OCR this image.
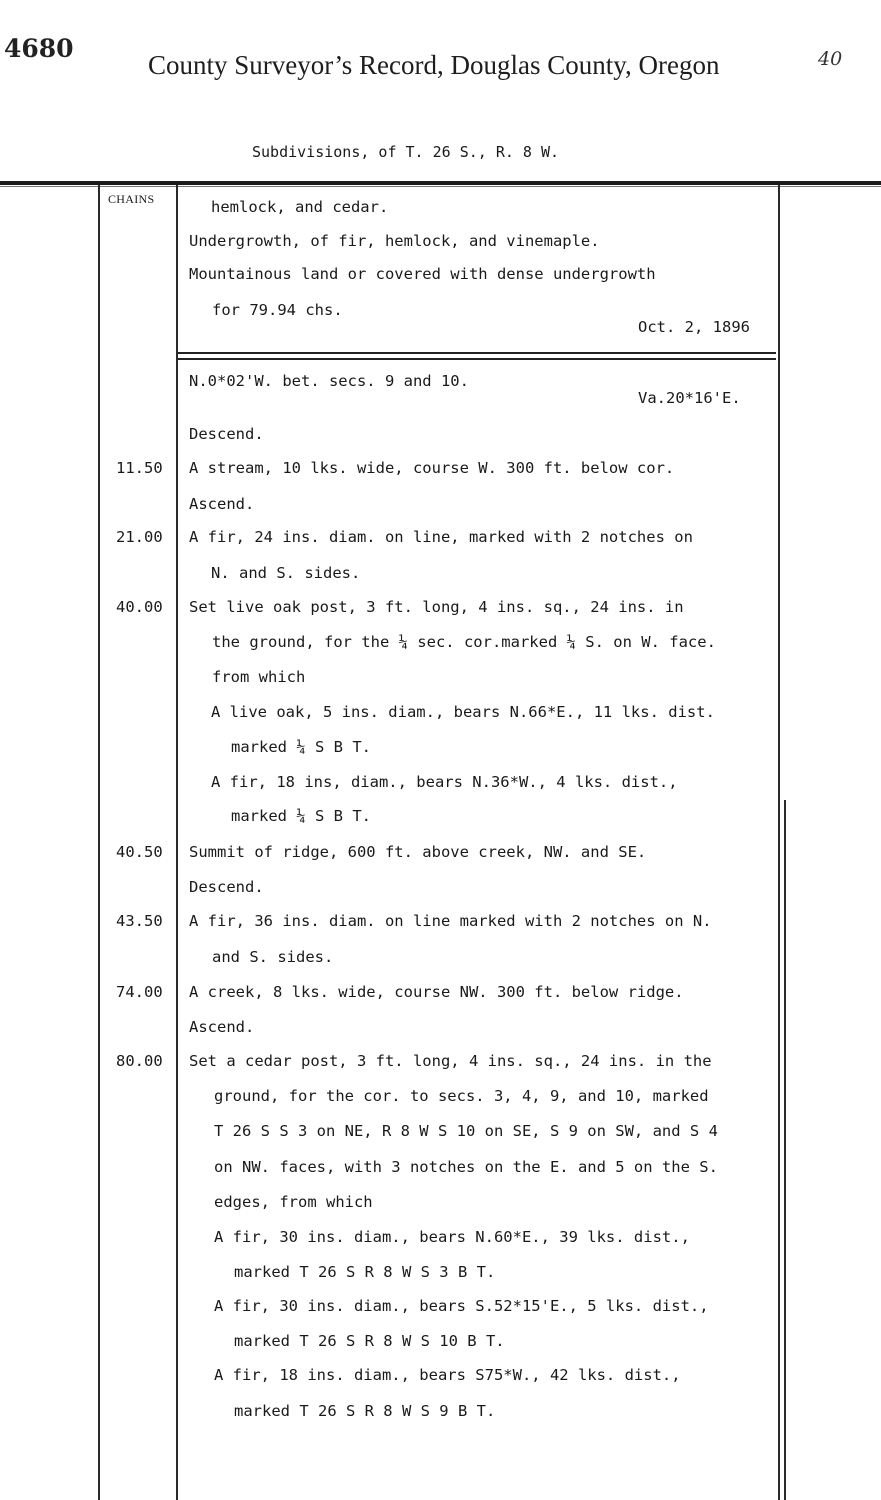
4680
County Surveyor’s Record, Douglas County, Oregon	40
Subdivisions, of T. 26 S., R. 8 W.
CHAINS	hemlock, and cedar.
Undergrowth, of fir, hemlock, and vinemaple.
Mountainous land or covered with dense undergrowth
for 79.94 chs.
Oct. 2, 1896
N.0*02'W. bet. secs. 9 and 10.
Va.20*16'E.
Descend.
11.50 A stream, 10 lks. wide, course W. 300 ft. below cor.
Ascend.
21.00 A fir, 24 ins. diam. on line, marked with 2 notches on
N. and S. sides.
40.00 Set live oak post, 3 ft. long, 4 ins. sq., 24 ins. in
the ground, for the ¼ sec. cor.marked ¼ S. on W. face.
from which
A live oak, 5 ins. diam., bears N.66*E., 11 lks. dist.
marked ¼ S B T.
A fir, 18 ins, diam., bears N.36*W., 4 lks. dist.,
marked ¼ S B T.
40.50 Summit of ridge, 600 ft. above creek, NW. and SE.
Descend.
43.50 A fir, 36 ins. diam. on line marked with 2 notches on N.
and S. sides.
74.00 A creek, 8 lks. wide, course NW. 300 ft. below ridge.
Ascend.
80.00 Set a cedar post, 3 ft. long, 4 ins. sq., 24 ins. in the
ground, for the cor. to secs. 3, 4, 9, and 10, marked
T 26 S S 3 on NE, R 8 W S 10 on SE, S 9 on SW, and S 4
on NW. faces, with 3 notches on the E. and 5 on the S.
edges, from which
A fir, 30 ins. diam., bears N.60*E., 39 lks. dist.,
marked T 26 S R 8 W S 3 B T.
A fir, 30 ins. diam., bears S.52*15'E., 5 lks. dist.,
marked T 26 S R 8 W S 10 B T.
A fir, 18 ins. diam., bears S75*W., 42 lks. dist.,
marked T 26 S R 8 W S 9 B T.
